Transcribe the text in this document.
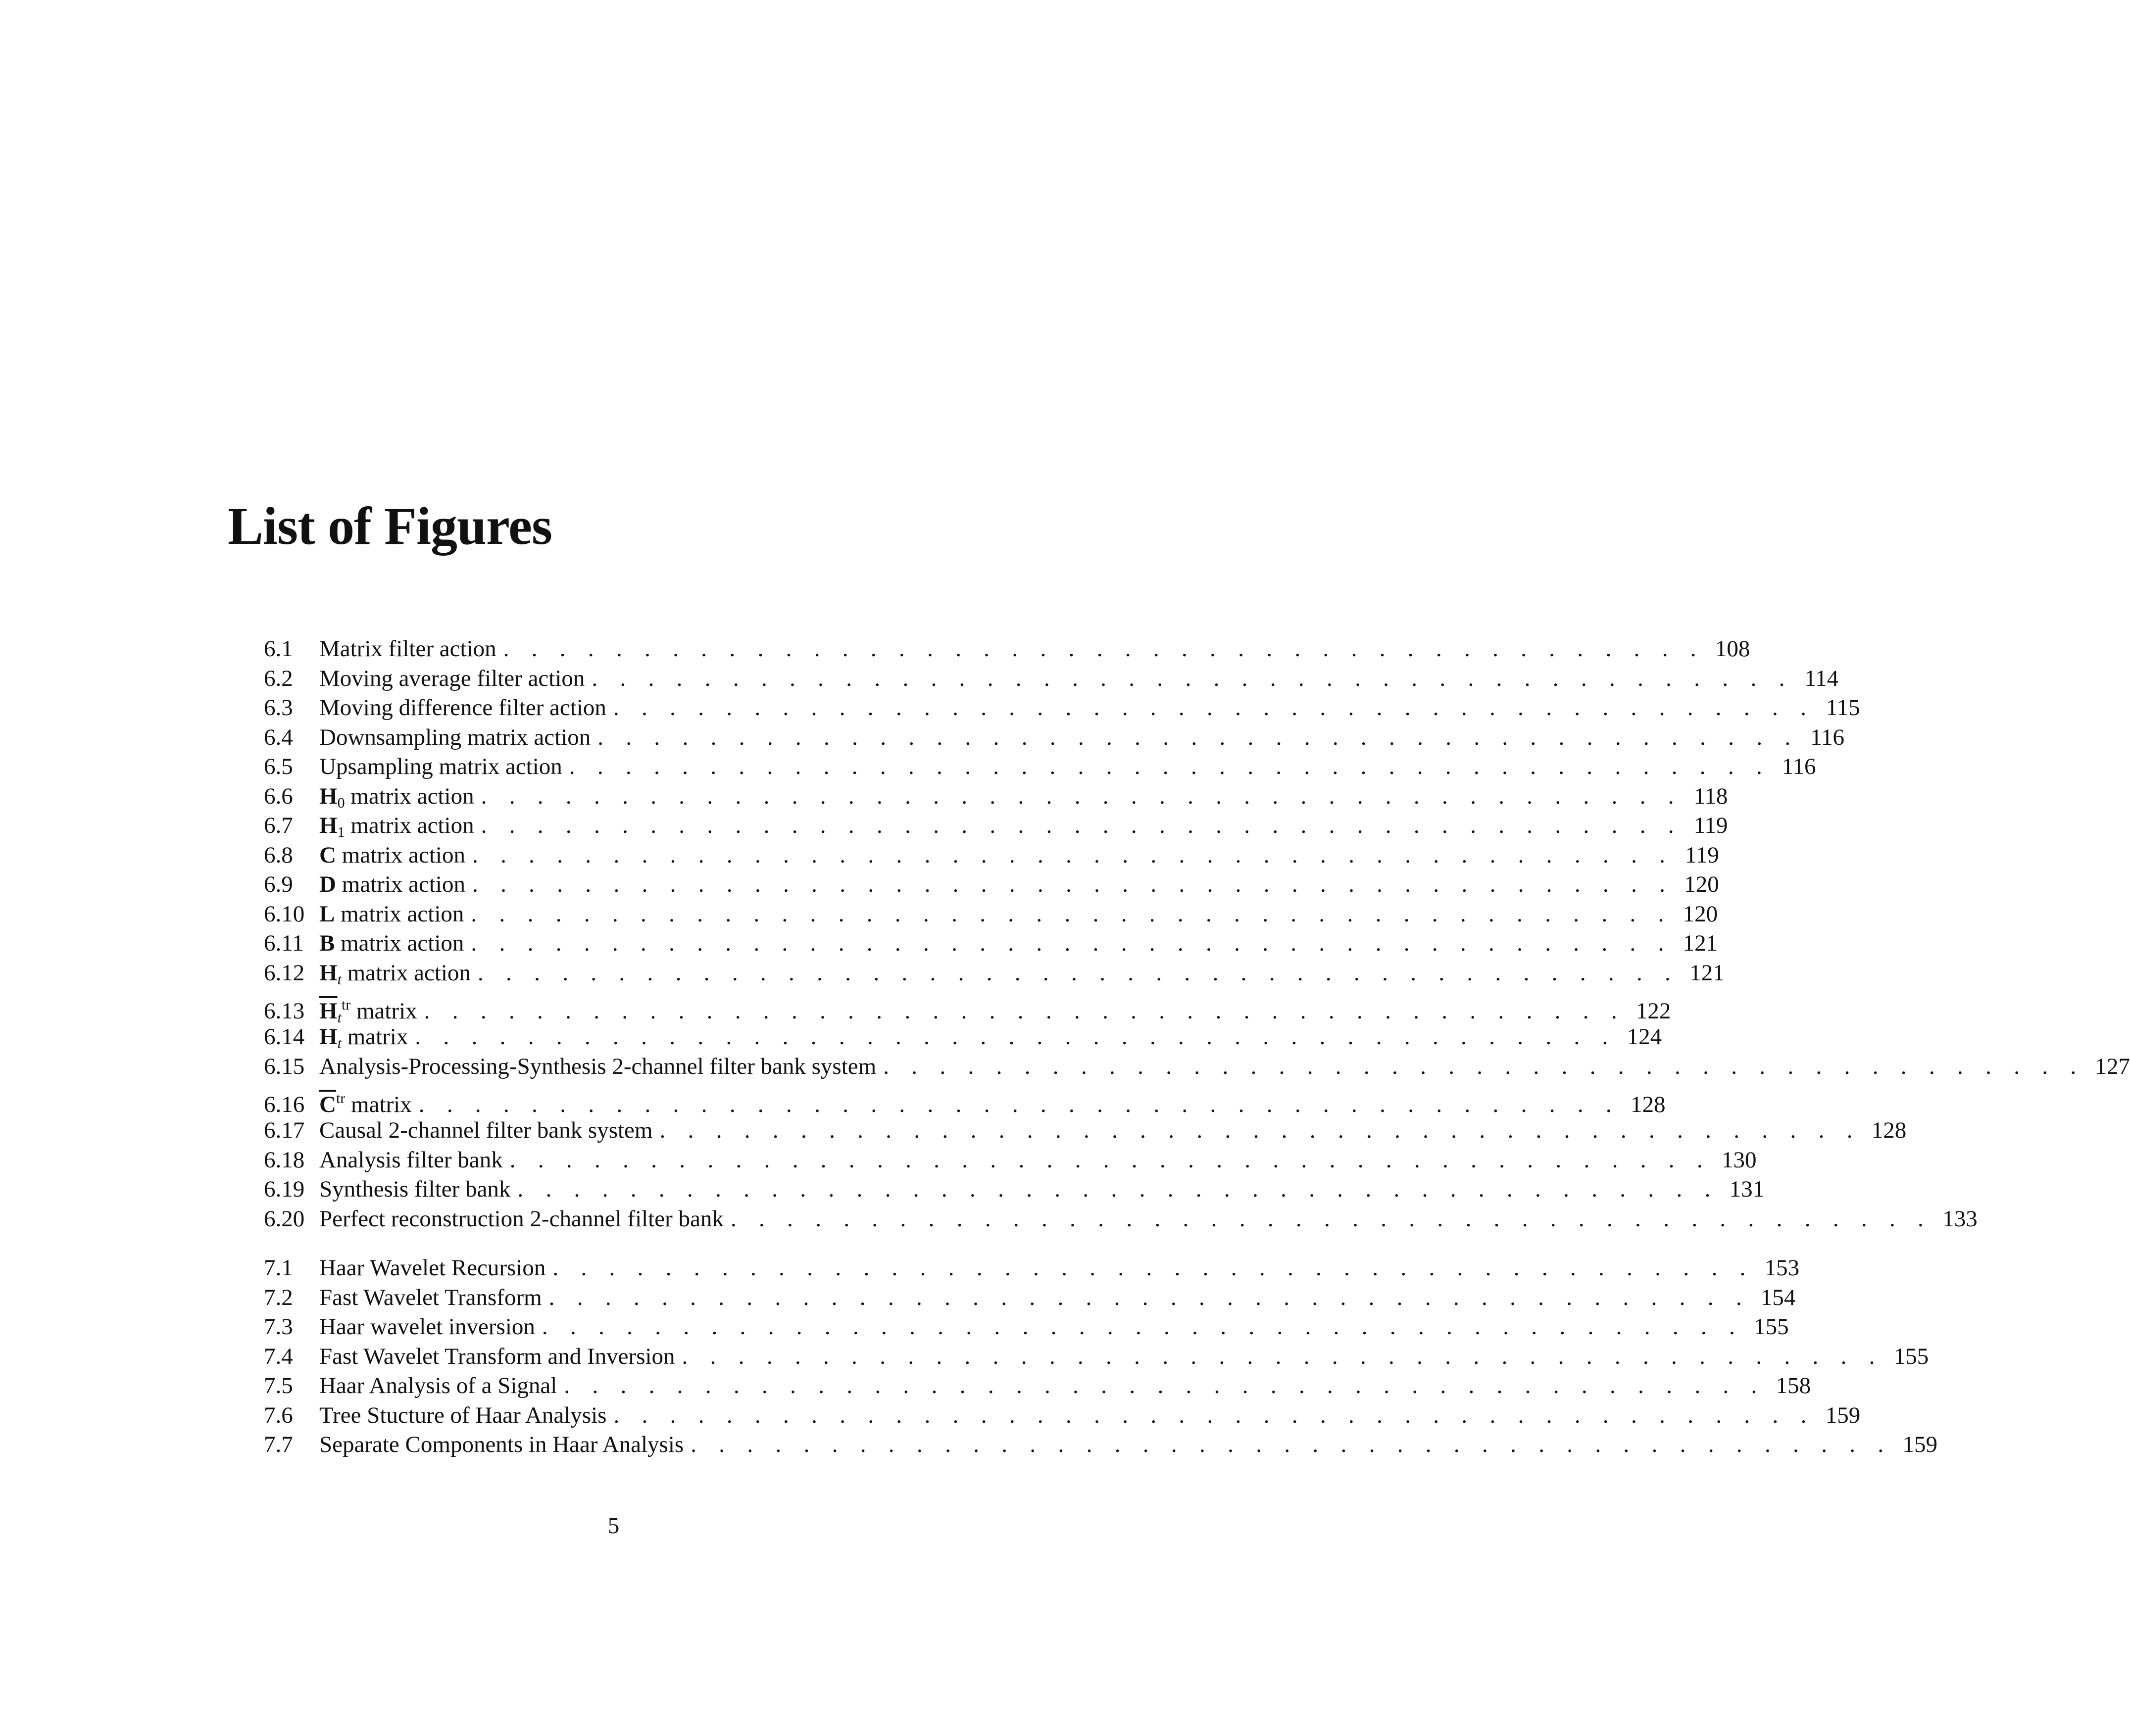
List of Figures
6.1	Matrix filter action . . . . . . . . . . . . . . . . . . . . . . . . . . . . . . . . . . . . . . . . . . . 108
6.2	Moving average filter action . . . . . . . . . . . . . . . . . . . . . . . . . . . . . . . . . . . . . . . . . . . 114
6.3	Moving difference filter action . . . . . . . . . . . . . . . . . . . . . . . . . . . . . . . . . . . . . . . . . . . 115
6.4	Downsampling matrix action . . . . . . . . . . . . . . . . . . . . . . . . . . . . . . . . . . . . . . . . . . . 116
6.5	Upsampling matrix action . . . . . . . . . . . . . . . . . . . . . . . . . . . . . . . . . . . . . . . . . . . 116
6.6	$H_0$ matrix action . . . . . . . . . . . . . . . . . . . . . . . . . . . . . . . . . . . . . . . . . . . 118
6.7	$H_1$ matrix action . . . . . . . . . . . . . . . . . . . . . . . . . . . . . . . . . . . . . . . . . . . 119
6.8	C matrix action . . . . . . . . . . . . . . . . . . . . . . . . . . . . . . . . . . . . . . . . . . . 119
6.9	D matrix action . . . . . . . . . . . . . . . . . . . . . . . . . . . . . . . . . . . . . . . . . . . 120
6.10 L matrix action . . . . . . . . . . . . . . . . . . . . . . . . . . . . . . . . . . . . . . . . . . . 120
6.11 B matrix action . . . . . . . . . . . . . . . . . . . . . . . . . . . . . . . . . . . . . . . . . . . 121
6.12 $H_t$ matrix action . . . . . . . . . . . . . . . . . . . . . . . . . . . . . . . . . . . . . . . . . . . 121
6.13 $\overline{H}_t^{tr}$ matrix . . . . . . . . . . . . . . . . . . . . . . . . . . . . . . . . . . . . . . . . . . . 122
6.14 $H_t$ matrix . . . . . . . . . . . . . . . . . . . . . . . . . . . . . . . . . . . . . . . . . . . 124
6.15 Analysis-Processing-Synthesis 2-channel filter bank system . . . . . . . . . . . . . . . . . . . . . . . . . . . . . . . . . . . . . . . . . . . 127
6.16 $\overline{C}^{tr}$ matrix . . . . . . . . . . . . . . . . . . . . . . . . . . . . . . . . . . . . . . . . . . . 128
6.17 Causal 2-channel filter bank system . . . . . . . . . . . . . . . . . . . . . . . . . . . . . . . . . . . . . . . . . . . 128
6.18 Analysis filter bank . . . . . . . . . . . . . . . . . . . . . . . . . . . . . . . . . . . . . . . . . . . 130
6.19 Synthesis filter bank . . . . . . . . . . . . . . . . . . . . . . . . . . . . . . . . . . . . . . . . . . . 131
6.20 Perfect reconstruction 2-channel filter bank . . . . . . . . . . . . . . . . . . . . . . . . . . . . . . . . . . . . . . . . . . . 133
7.1	Haar Wavelet Recursion . . . . . . . . . . . . . . . . . . . . . . . . . . . . . . . . . . . . . . . . . . . 153
7.2	Fast Wavelet Transform . . . . . . . . . . . . . . . . . . . . . . . . . . . . . . . . . . . . . . . . . . . 154
7.3	Haar wavelet inversion . . . . . . . . . . . . . . . . . . . . . . . . . . . . . . . . . . . . . . . . . . . 155
7.4	Fast Wavelet Transform and Inversion . . . . . . . . . . . . . . . . . . . . . . . . . . . . . . . . . . . . . . . . . . . 155
7.5	Haar Analysis of a Signal . . . . . . . . . . . . . . . . . . . . . . . . . . . . . . . . . . . . . . . . . . . 158
7.6	Tree Stucture of Haar Analysis . . . . . . . . . . . . . . . . . . . . . . . . . . . . . . . . . . . . . . . . . . . 159
7.7	Separate Components in Haar Analysis . . . . . . . . . . . . . . . . . . . . . . . . . . . . . . . . . . . . . . . . . . . 159
5
